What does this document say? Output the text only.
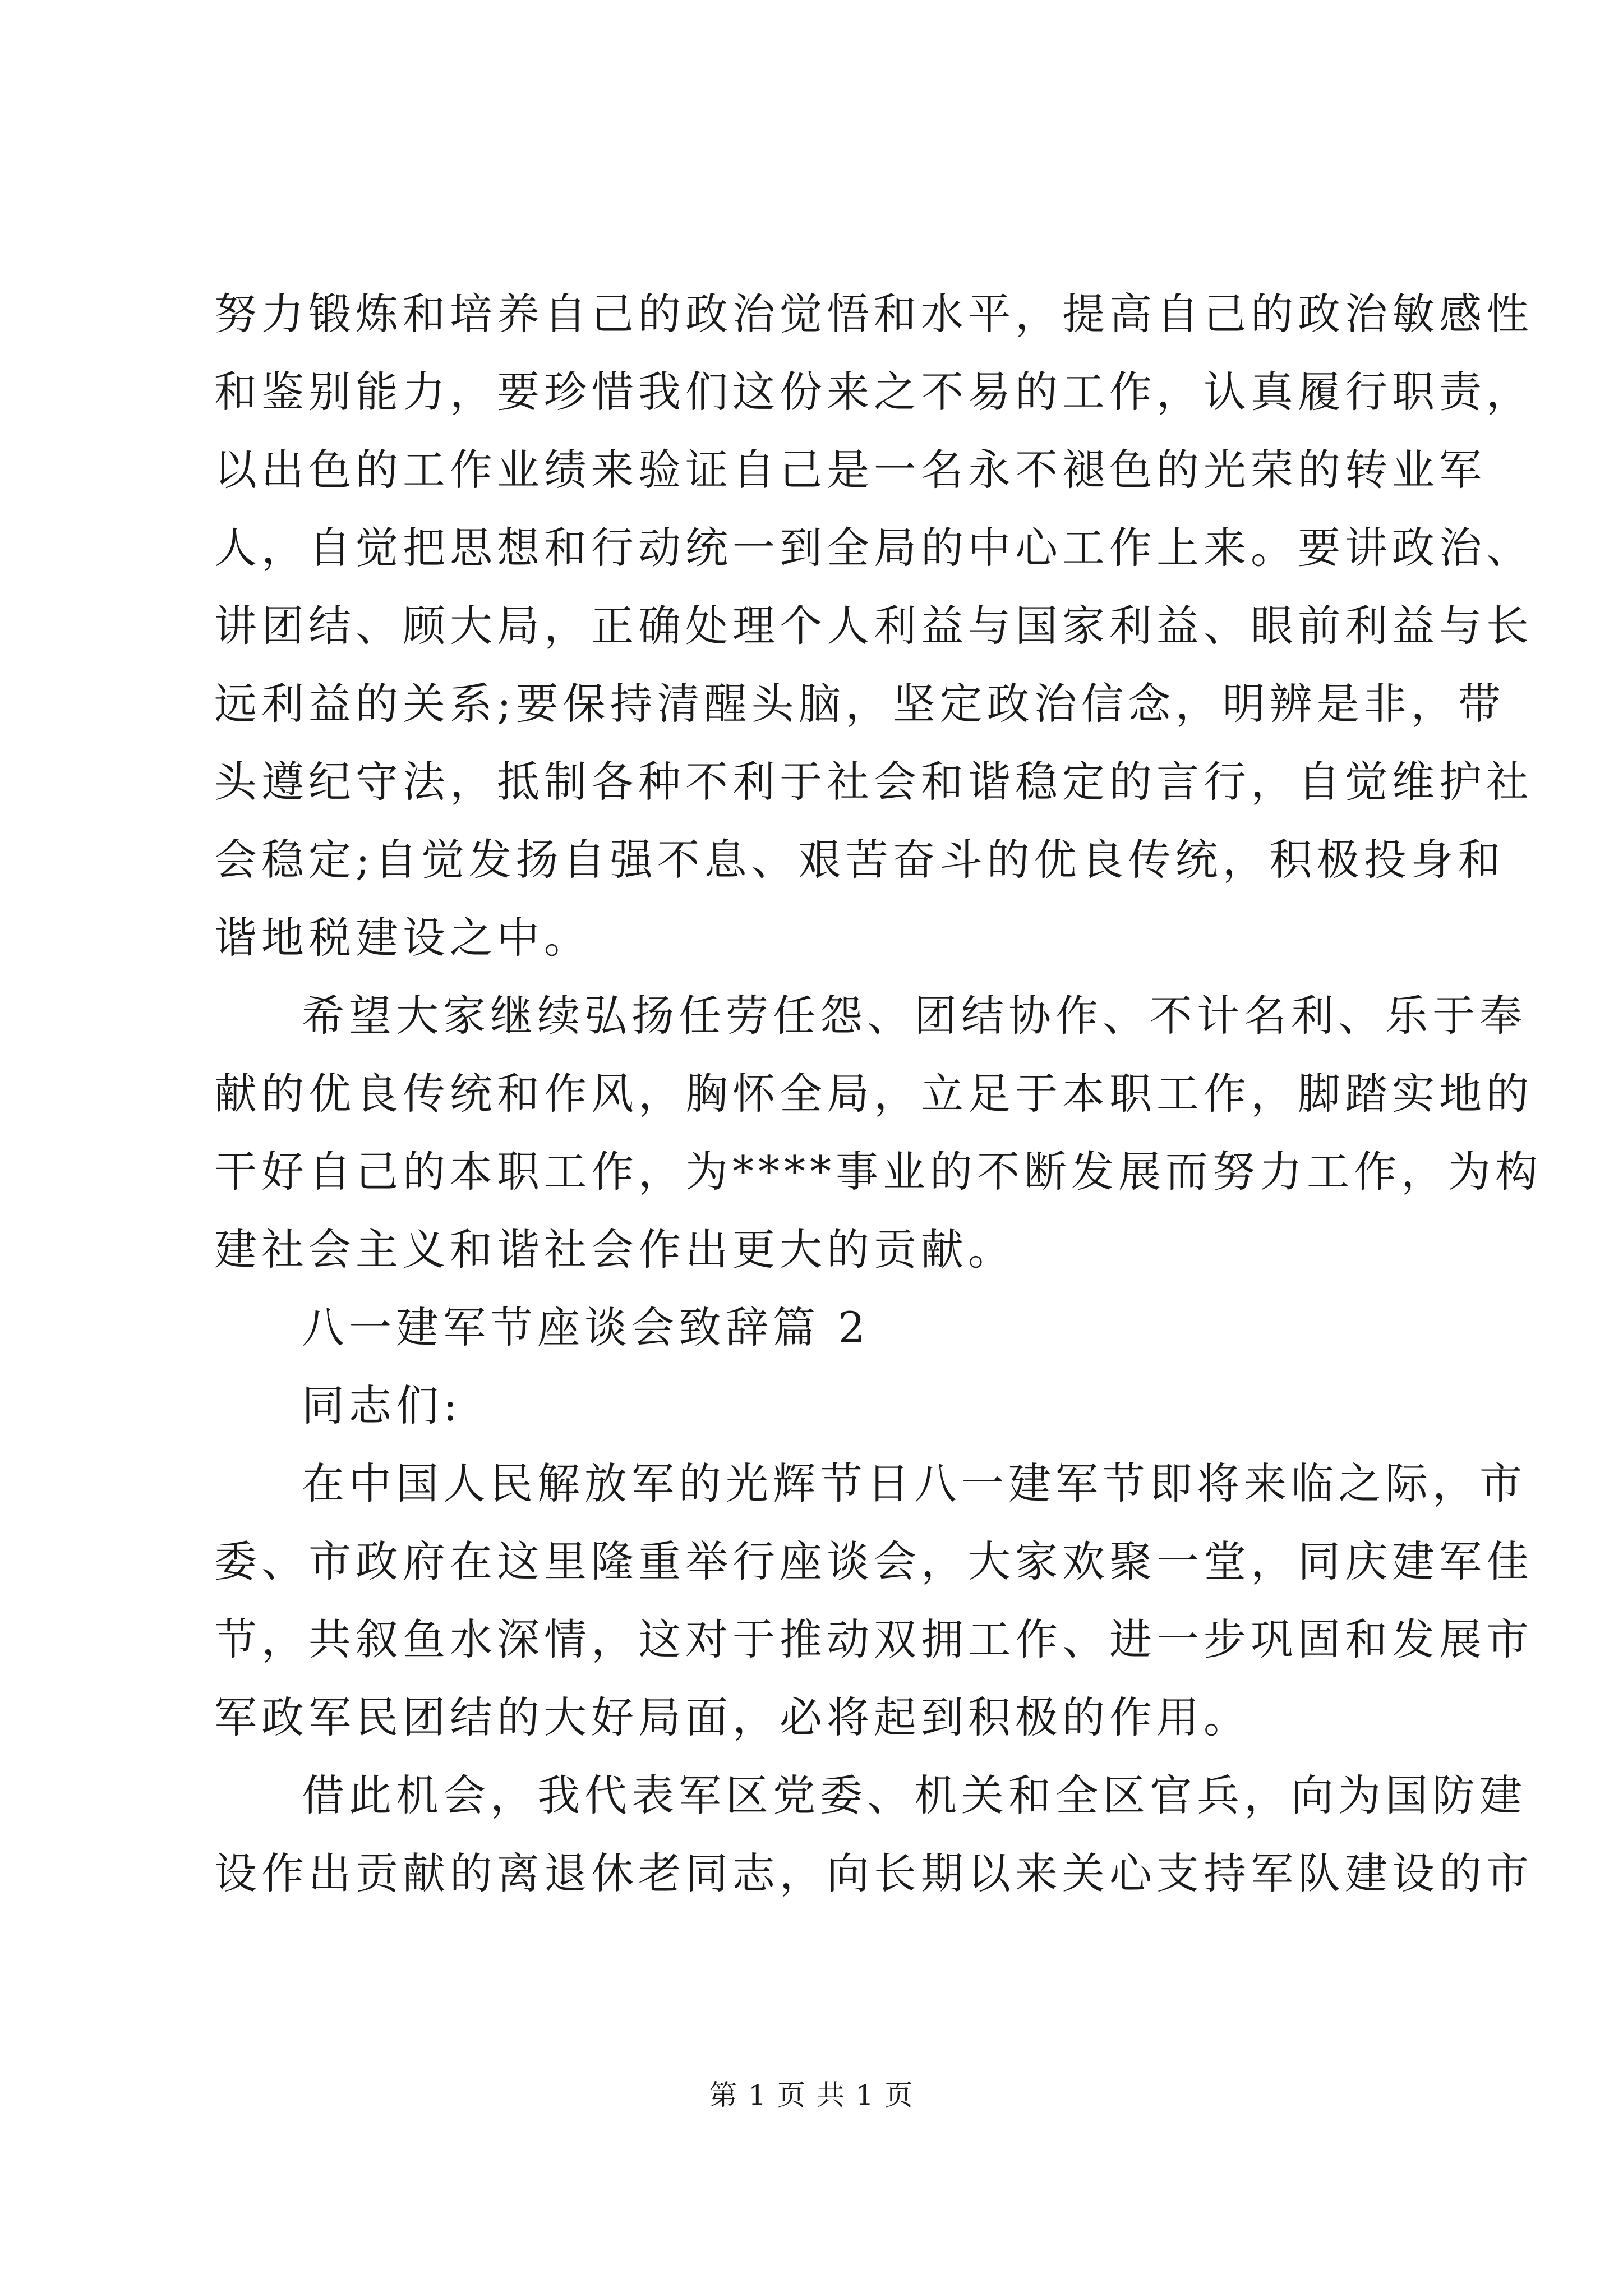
努力锻炼和培养自己的政治觉悟和水平，提高自己的政治敏感性
和鉴别能力，要珍惜我们这份来之不易的工作，认真履行职责，
以出色的工作业绩来验证自己是一名永不褪色的光荣的转业军
人，自觉把思想和行动统一到全局的中心工作上来。要讲政治、
讲团结、顾大局，正确处理个人利益与国家利益、眼前利益与长
远利益的关系;要保持清醒头脑，坚定政治信念，明辨是非，带
头遵纪守法，抵制各种不利于社会和谐稳定的言行，自觉维护社
会稳定;自觉发扬自强不息、艰苦奋斗的优良传统，积极投身和
谐地税建设之中。
希望大家继续弘扬任劳任怨、团结协作、不计名利、乐于奉
献的优良传统和作风，胸怀全局，立足于本职工作，脚踏实地的
干好自己的本职工作，为****事业的不断发展而努力工作，为构
建社会主义和谐社会作出更大的贡献。
八一建军节座谈会致辞篇 2
同志们:
在中国人民解放军的光辉节日八一建军节即将来临之际，市
委、市政府在这里隆重举行座谈会，大家欢聚一堂，同庆建军佳
节，共叙鱼水深情，这对于推动双拥工作、进一步巩固和发展市
军政军民团结的大好局面，必将起到积极的作用。
借此机会，我代表军区党委、机关和全区官兵，向为国防建
设作出贡献的离退休老同志，向长期以来关心支持军队建设的市
第 1 页 共 1 页
